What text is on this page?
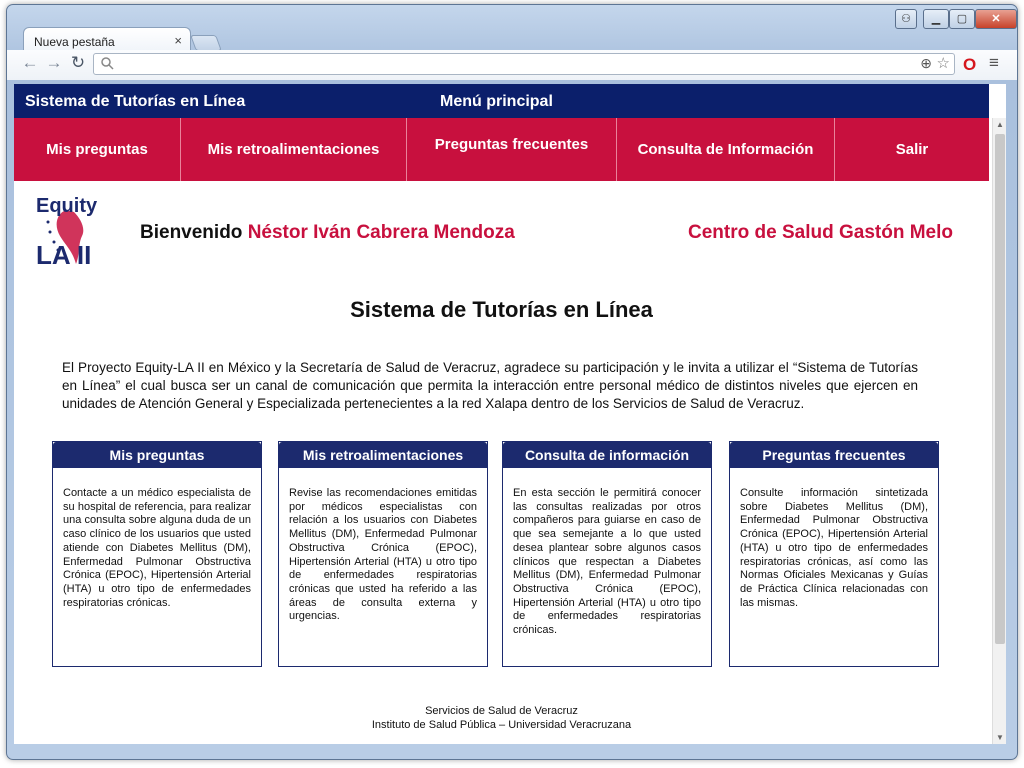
Nueva pestaña	×
⚇	▁	▢	✕
← → ↻	⊕ ☆ O ≡
Sistema de Tutorías en Línea	Menú principal
Mis preguntas	Mis retroalimentaciones	Preguntas frecuentes	Consulta de Información	Salir
Equity
LA II
Bienvenido Néstor Iván Cabrera Mendoza	Centro de Salud Gastón Melo
Sistema de Tutorías en Línea
El Proyecto Equity-LA II en México y la Secretaría de Salud de Veracruz, agradece su participación y le invita a utilizar el “Sistema de Tutorías en Línea” el cual busca ser un canal de comunicación que permita la interacción entre personal médico de distintos niveles que ejercen en unidades de Atención General y Especializada pertenecientes a la red Xalapa dentro de los Servicios de Salud de Veracruz.
Mis preguntas
Contacte a un médico especialista de su hospital de referencia, para realizar una consulta sobre alguna duda de un caso clínico de los usuarios que usted atiende con Diabetes Mellitus (DM), Enfermedad Pulmonar Obstructiva Crónica (EPOC), Hipertensión Arterial (HTA) u otro tipo de enfermedades respiratorias crónicas.
Mis retroalimentaciones
Revise las recomendaciones emitidas por médicos especialistas con relación a los usuarios con Diabetes Mellitus (DM), Enfermedad Pulmonar Obstructiva Crónica (EPOC), Hipertensión Arterial (HTA) u otro tipo de enfermedades respiratorias crónicas que usted ha referido a las áreas de consulta externa y urgencias.
Consulta de información
En esta sección le permitirá conocer las consultas realizadas por otros compañeros para guiarse en caso de que sea semejante a lo que usted desea plantear sobre algunos casos clínicos que respectan a Diabetes Mellitus (DM), Enfermedad Pulmonar Obstructiva Crónica (EPOC), Hipertensión Arterial (HTA) u otro tipo de enfermedades respiratorias crónicas.
Preguntas frecuentes
Consulte información sintetizada sobre Diabetes Mellitus (DM), Enfermedad Pulmonar Obstructiva Crónica (EPOC), Hipertensión Arterial (HTA) u otro tipo de enfermedades respiratorias crónicas, así como las Normas Oficiales Mexicanas y Guías de Práctica Clínica relacionadas con las mismas.
Servicios de Salud de Veracruz
Instituto de Salud Pública – Universidad Veracruzana
▲
▼
